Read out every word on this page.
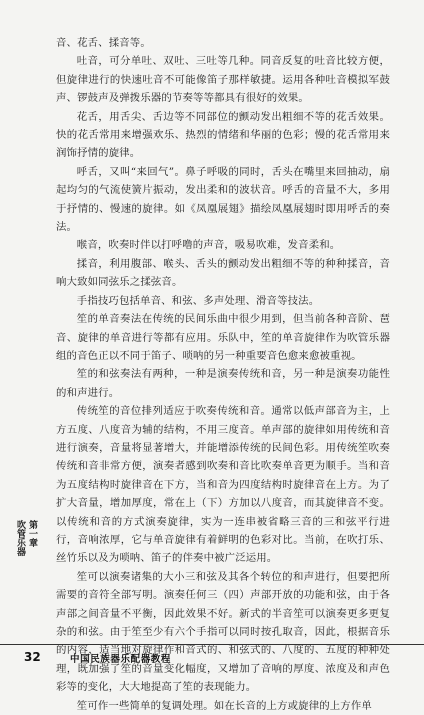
音、花舌、揉音等。

吐音，可分单吐、双吐、三吐等几种。同音反复的吐音比较方便，但旋律进行的快速吐音不可能像笛子那样敏捷。运用各种吐音模拟军鼓声、锣鼓声及弹拨乐器的节奏等等都具有很好的效果。

花舌，用舌尖、舌边等不同部位的颤动发出粗细不等的花舌效果。快的花舌常用来增强欢乐、热烈的情绪和华丽的色彩；慢的花舌常用来润饰抒情的旋律。

呼舌，又叫“来回气”。鼻子呼吸的同时，舌头在嘴里来回抽动，扇起均匀的气流使簧片振动，发出柔和的波状音。呼舌的音量不大，多用于抒情的、慢速的旋律。如《凤凰展翅》描绘凤凰展翅时即用呼舌的奏法。

喉音，吹奏时伴以打呼噜的声音，吸易吹难，发音柔和。

揉音，利用腹部、喉头、舌头的颤动发出粗细不等的种种揉音，音响大致如同弦乐之揉弦音。

手指技巧包括单音、和弦、多声处理、滑音等技法。

笙的单音奏法在传统的民间乐曲中很少用到，但当前各种音阶、琶音、旋律的单音进行等都有应用。乐队中，笙的单音旋律作为吹管乐器组的音色正以不同于笛子、唢呐的另一种重要音色愈来愈被重视。

笙的和弦奏法有两种，一种是演奏传统和音，另一种是演奏功能性的和声进行。

传统笙的音位排列适应于吹奏传统和音。通常以低声部音为主，上方五度、八度音为辅的结构，不用三度音。单声部的旋律如用传统和音进行演奏，音量将显著增大，并能增添传统的民间色彩。用传统笙吹奏传统和音非常方便，演奏者感到吹奏和音比吹奏单音更为顺手。当和音为五度结构时旋律音在下方，当和音为四度结构时旋律音在上方。为了扩大音量，增加厚度，常在上（下）方加以八度音，而其旋律音不变。以传统和音的方式演奏旋律，实为一连串被省略三音的三和弦平行进行，音响浓厚，它与单音旋律有着鲜明的色彩对比。当前，在吹打乐、丝竹乐以及为唢呐、笛子的伴奏中被广泛运用。

笙可以演奏诸集的大小三和弦及其各个转位的和声进行，但要把所需要的音符全部写明。演奏任何三（四）声部开放的功能和弦，由于各声部之间音量不平衡，因此效果不好。新式的半音笙可以演奏更多更复杂的和弦。由于笙至少有六个手指可以同时按孔取音，因此，根据音乐的内容，适当地对旋律作和音式的、和弦式的、八度的、五度的种种处理，既加强了笙的音量变化幅度，又增加了音响的厚度、浓度及和声色彩等的变化，大大地提高了笙的表现能力。

笙可作一些简单的复调处理。如在长音的上方或旋律的上方作单

第一章
吹管乐器
32	中国民族器乐配器教程
